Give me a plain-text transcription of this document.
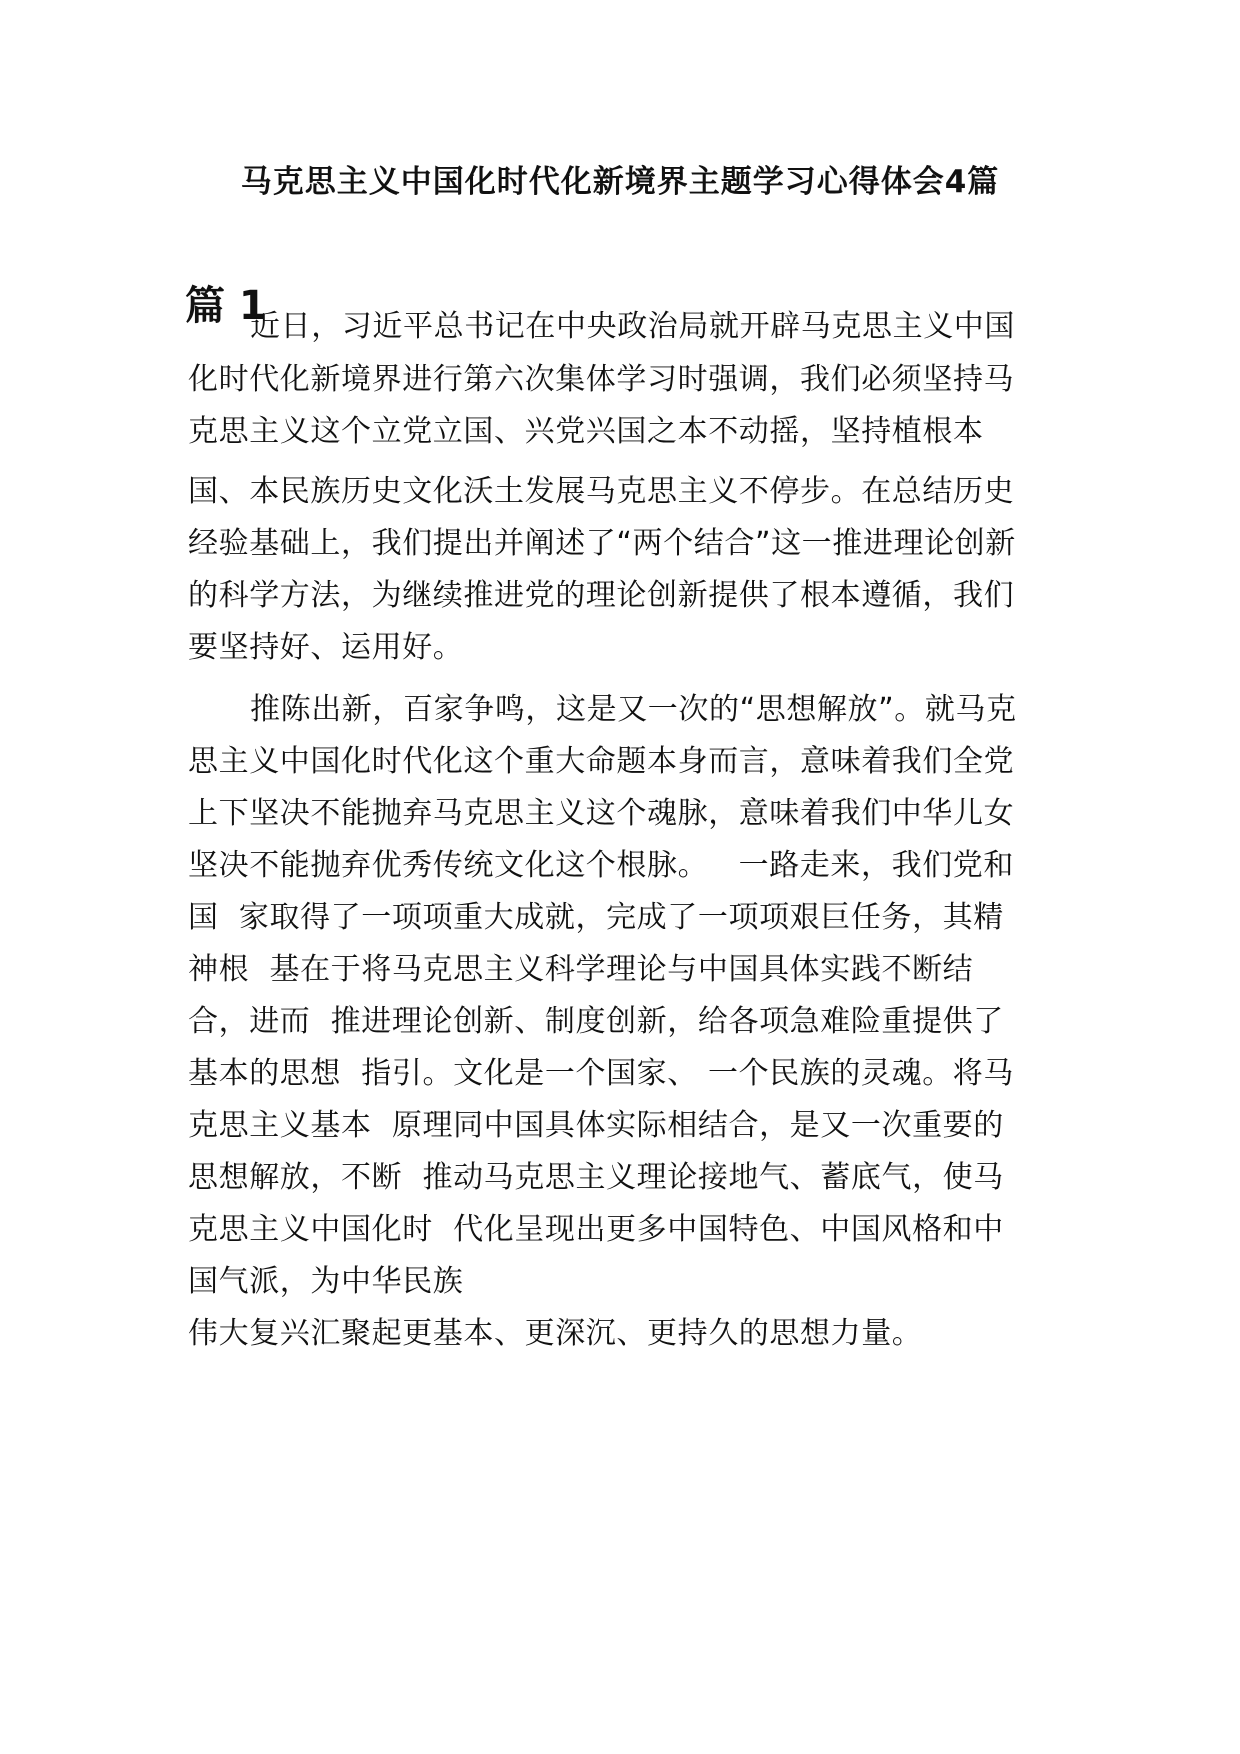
马克思主义中国化时代化新境界主题学习心得体会4篇
篇 1
近日，习近平总书记在中央政治局就开辟马克思主义中国
化时代化新境界进行第六次集体学习时强调，我们必须坚持马
克思主义这个立党立国、兴党兴国之本不动摇，坚持植根本
国、本民族历史文化沃土发展马克思主义不停步。在总结历史
经验基础上，我们提出并阐述了“两个结合”这一推进理论创新
的科学方法，为继续推进党的理论创新提供了根本遵循，我们
要坚持好、运用好。
推陈出新，百家争鸣，这是又一次的“思想解放”。就马克
思主义中国化时代化这个重大命题本身而言，意味着我们全党
上下坚决不能抛弃马克思主义这个魂脉，意味着我们中华儿女
坚决不能抛弃优秀传统文化这个根脉。   一路走来，我们党和
国  家取得了一项项重大成就，完成了一项项艰巨任务，其精
神根  基在于将马克思主义科学理论与中国具体实践不断结
合，进而  推进理论创新、制度创新，给各项急难险重提供了
基本的思想  指引。文化是一个国家、 一个民族的灵魂。将马
克思主义基本  原理同中国具体实际相结合，是又一次重要的
思想解放，不断  推动马克思主义理论接地气、蓄底气，使马
克思主义中国化时  代化呈现出更多中国特色、中国风格和中
国气派，为中华民族
伟大复兴汇聚起更基本、更深沉、更持久的思想力量。
